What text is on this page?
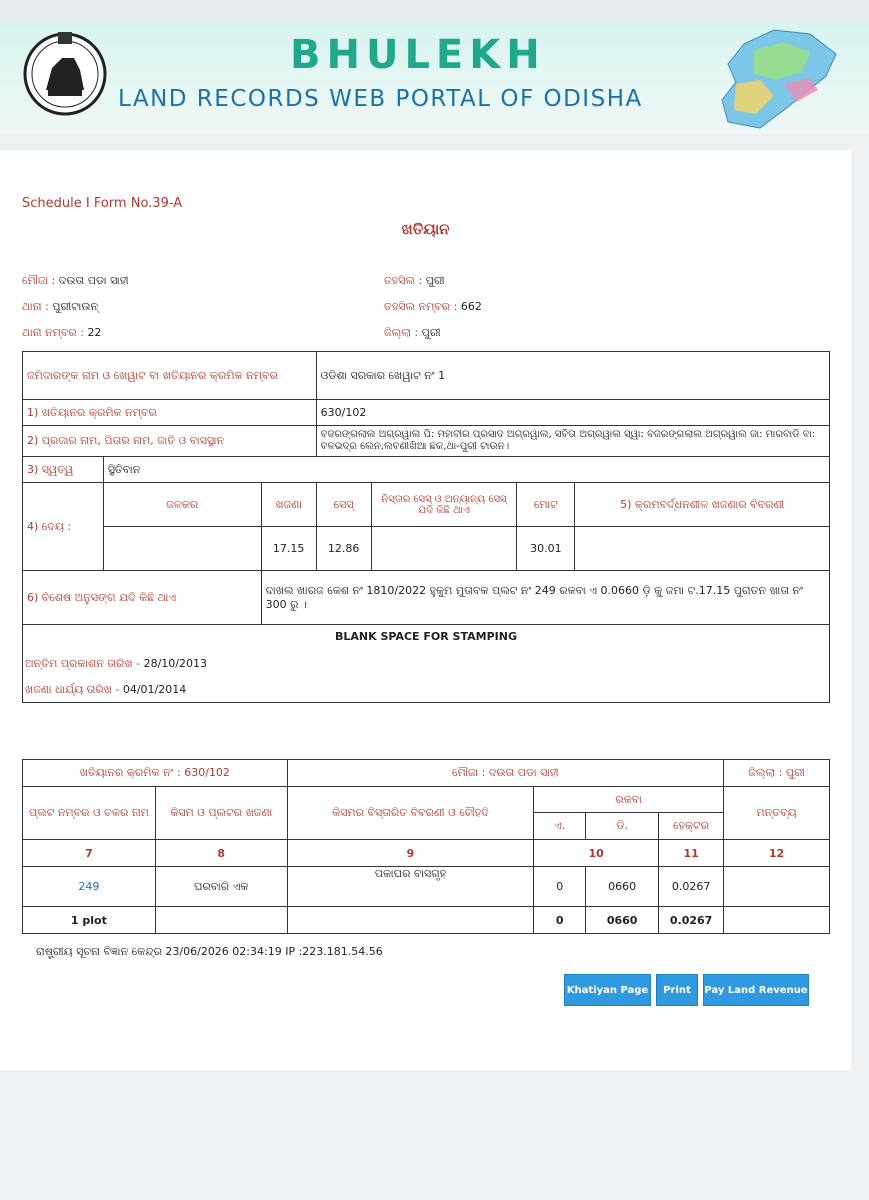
BHULEKH
LAND RECORDS WEB PORTAL OF ODISHA
Schedule I Form No.39-A
ଖତିୟାନ
ମୌଜା : ଦଉତା ପଡା ସାହୀ	ତହସିଲ : ପୁରୀ
ଥାନା : ପୁରୀଟାଉନ୍	ତହସିଲ ନମ୍ବର : 662
ଥାନା ନମ୍ବର : 22	ଜିଲ୍ଲା : ପୁରୀ
ଜମିଦାରଙ୍କ ନାମ ଓ ଖେୱାଟ ବା ଖତିୟାନର କ୍ରମିକ ନମ୍ବର			ଓଡିଶା ସରକାର ଖେୱାଟ ନଂ 1			
1) ଖତିୟାନର କ୍ରମିକ ନମ୍ବର			630/102			
2) ପ୍ରଜାର ନାମ, ପିତାର ନାମ, ଜାତି ଓ ବାସସ୍ଥାନ			ବଜରଙ୍ଗଲାଲ ଅଗ୍ରୱାଲ ପି: ମହାବୀର ପ୍ରସାଦ ଅଗ୍ରୱାଲ, ସବିତା ଅଗ୍ରୱାଲ ସ୍ୱା: ବଜରଙ୍ଗଲାଲ ଅଗ୍ରୱାଲ ଜା: ମାରବାଡି ବା: ବଳଭଦ୍ର ଲେନ,ଲବଣୀଖିଆ ଛକ,ଥା-ପୁରୀ ଟାଉନ।			
3) ସ୍ୱତ୍ୱ	ସ୍ଥିତିବାନ					
4) ଦେୟ :	ଜଳକର	ଖଜଣା	ସେସ୍	ନିସ୍ତାର ସେସ୍ ଓ ଅନ୍ୟାନ୍ୟ ସେସ୍ ଯଦି କିଛି ଥାଏ	ମୋଟ	5) କ୍ରମବର୍ଦ୍ଧନଶୀଳ ଖଜଣାର ବିବରଣୀ
		17.15	12.86		30.01	
6) ବିଶେଷ ଅନୁସଙ୍ଗ ଯଦି କିଛି ଥାଏ		ଦାଖଲ ଖାରଜ କେଶ ନଂ 1810/2022 ହୁକୁମ ମୁତାବକ ପ୍ଲଟ ନଂ 249 ରକବା ଏ 0.0660 ଡ଼ି କୁ ଜମା ଟ.17.15 ପୁରାତନ ଖାତା ନଂ 300 ରୁ ।				

BLANK SPACE FOR STAMPING
ଅନ୍ତିମ ପ୍ରକାଶନ ତାରିଖ - 28/10/2013
ଖଜଣା ଧାର୍ଯ୍ୟ ତାରିଖ - 04/01/2014						
ଖତିୟାନର କ୍ରମିକ ନଂ : 630/102		ମୌଜା : ଦଉତା ପଡା ସାହୀ				ଜିଲ୍ଲା : ପୁରୀ
ପ୍ଲଟ ନମ୍ବର ଓ ଚକର ନାମ	କିସମ ଓ ପ୍ଲଟର ଖଜଣା	କିସମର ବିସ୍ତାରିତ ବିବରଣୀ ଓ ଚୌହଦି	ରକବା			ମନ୍ତବ୍ୟ
			ଏ.	ଡି.	ହେକ୍ଟର	
7	8	9	10		11	12
249	ଘରବାରି ଏକ	ପକାଘର ବାସଗୃହ	0	0660	0.0267	
1 plot			0	0660	0.0267	
ରାଷ୍ଟ୍ରୀୟ ସୂଚନା ବିଜ୍ଞାନ କେନ୍ଦ୍ର 23/06/2026 02:34:19 IP :223.181.54.56
Khatiyan Page	Print	Pay Land Revenue
